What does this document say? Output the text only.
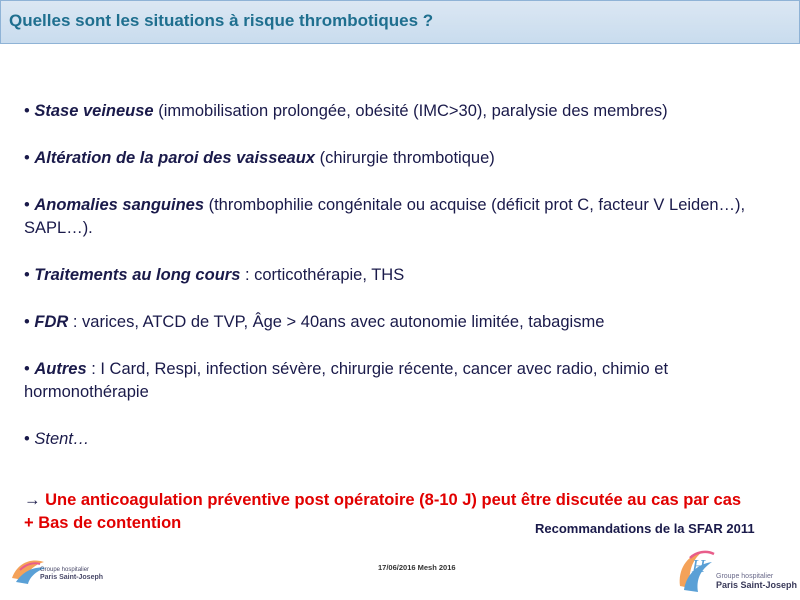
Quelles sont les situations à risque thrombotiques ?
• Stase veineuse (immobilisation prolongée, obésité (IMC>30), paralysie des membres)
• Altération de la paroi des vaisseaux (chirurgie thrombotique)
• Anomalies sanguines (thrombophilie congénitale ou acquise (déficit prot C, facteur V Leiden…), SAPL…).
• Traitements au long cours : corticothérapie, THS
• FDR : varices, ATCD de TVP, Âge > 40ans avec autonomie limitée, tabagisme
• Autres : I Card, Respi, infection sévère, chirurgie récente, cancer avec radio, chimio et hormonothérapie
• Stent…
→ Une anticoagulation préventive post opératoire (8-10 J) peut être discutée au cas par cas + Bas de contention	Recommandations de la SFAR 2011
17/06/2016 Mesh 2016
Groupe hospitalier
Paris Saint-Joseph
H
Groupe hospitalier
Paris Saint-Joseph
